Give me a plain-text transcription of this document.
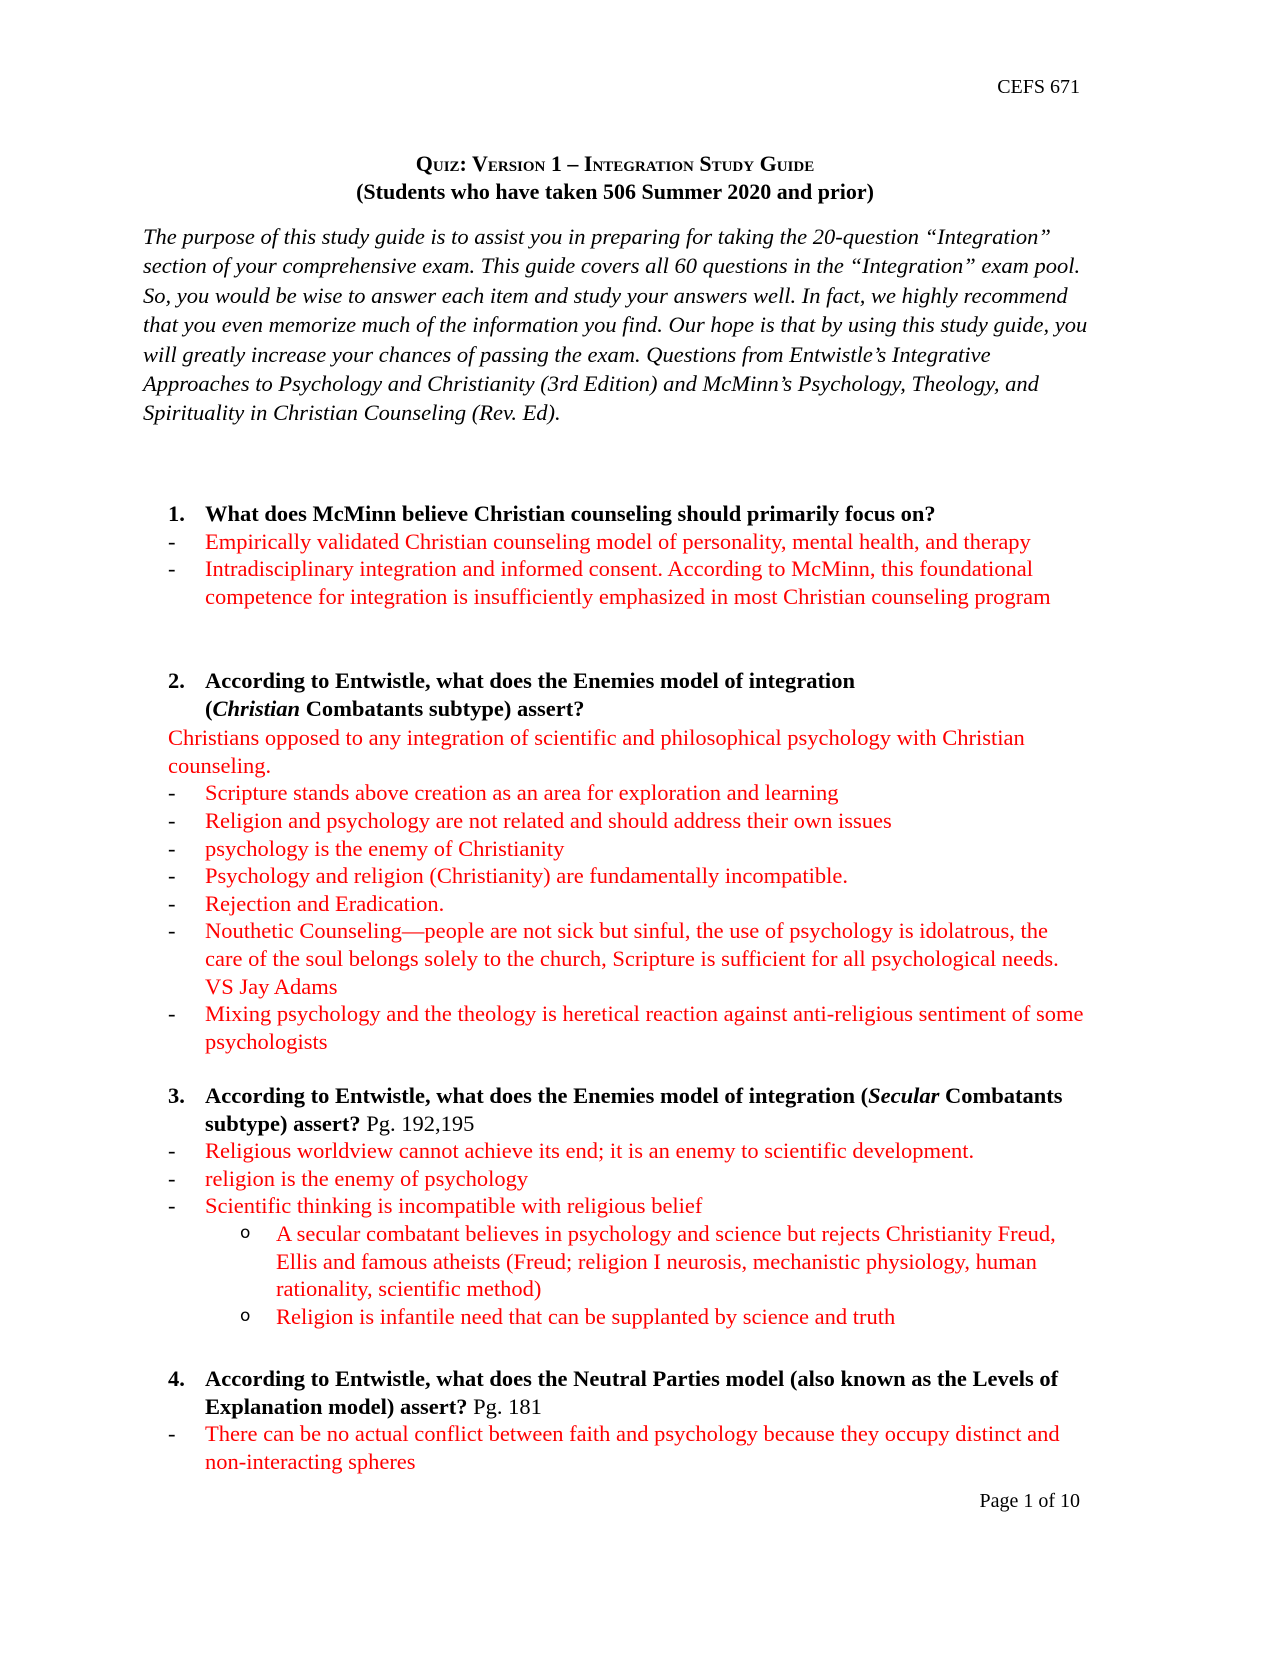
CEFS 671
Quiz: Version 1 – Integration Study Guide
(Students who have taken 506 Summer 2020 and prior)
The purpose of this study guide is to assist you in preparing for taking the 20-question “Integration” section of your comprehensive exam. This guide covers all 60 questions in the “Integration” exam pool. So, you would be wise to answer each item and study your answers well. In fact, we highly recommend that you even memorize much of the information you find. Our hope is that by using this study guide, you will greatly increase your chances of passing the exam. Questions from Entwistle’s Integrative Approaches to Psychology and Christianity (3rd Edition) and McMinn’s Psychology, Theology, and Spirituality in Christian Counseling (Rev. Ed).
1. What does McMinn believe Christian counseling should primarily focus on?
-	Empirically validated Christian counseling model of personality, mental health, and therapy
-	Intradisciplinary integration and informed consent. According to McMinn, this foundational competence for integration is insufficiently emphasized in most Christian counseling program
2. According to Entwistle, what does the Enemies model of integration
(Christian Combatants subtype) assert?
Christians opposed to any integration of scientific and philosophical psychology with Christian counseling.
-	Scripture stands above creation as an area for exploration and learning
-	Religion and psychology are not related and should address their own issues
-	psychology is the enemy of Christianity
-	Psychology and religion (Christianity) are fundamentally incompatible.
-	Rejection and Eradication.
-	Nouthetic Counseling—people are not sick but sinful, the use of psychology is idolatrous, the care of the soul belongs solely to the church, Scripture is sufficient for all psychological needs. VS Jay Adams
-	Mixing psychology and the theology is heretical reaction against anti-religious sentiment of some psychologists
3. According to Entwistle, what does the Enemies model of integration (Secular Combatants subtype) assert? Pg. 192,195
-	Religious worldview cannot achieve its end; it is an enemy to scientific development.
-	religion is the enemy of psychology
-	Scientific thinking is incompatible with religious belief
o	A secular combatant believes in psychology and science but rejects Christianity Freud, Ellis and famous atheists (Freud; religion I neurosis, mechanistic physiology, human rationality, scientific method)
o	Religion is infantile need that can be supplanted by science and truth
4. According to Entwistle, what does the Neutral Parties model (also known as the Levels of Explanation model) assert? Pg. 181
-	There can be no actual conflict between faith and psychology because they occupy distinct and non-interacting spheres
Page 1 of 10
